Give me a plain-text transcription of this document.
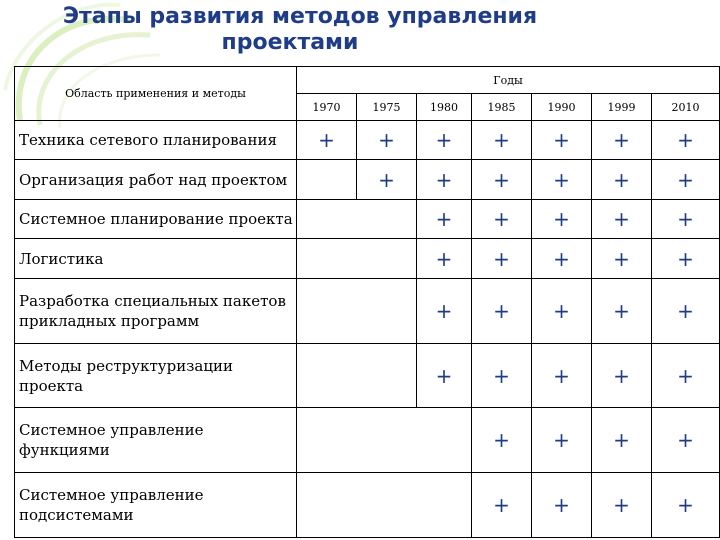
Этапы развития методов управления
проектами
Область применения и методы	Годы						
	1970	1975	1980	1985	1990	1999	2010
Техника сетевого планирования	+	+	+	+	+	+	+
Организация работ над проектом		+	+	+	+	+	+
Системное планирование проекта			+	+	+	+	+
Логистика			+	+	+	+	+
Разработка специальных пакетов прикладных программ			+	+	+	+	+
Методы реструктуризации проекта			+	+	+	+	+
Системное управление функциями				+	+	+	+
Системное управление подсистемами				+	+	+	+
